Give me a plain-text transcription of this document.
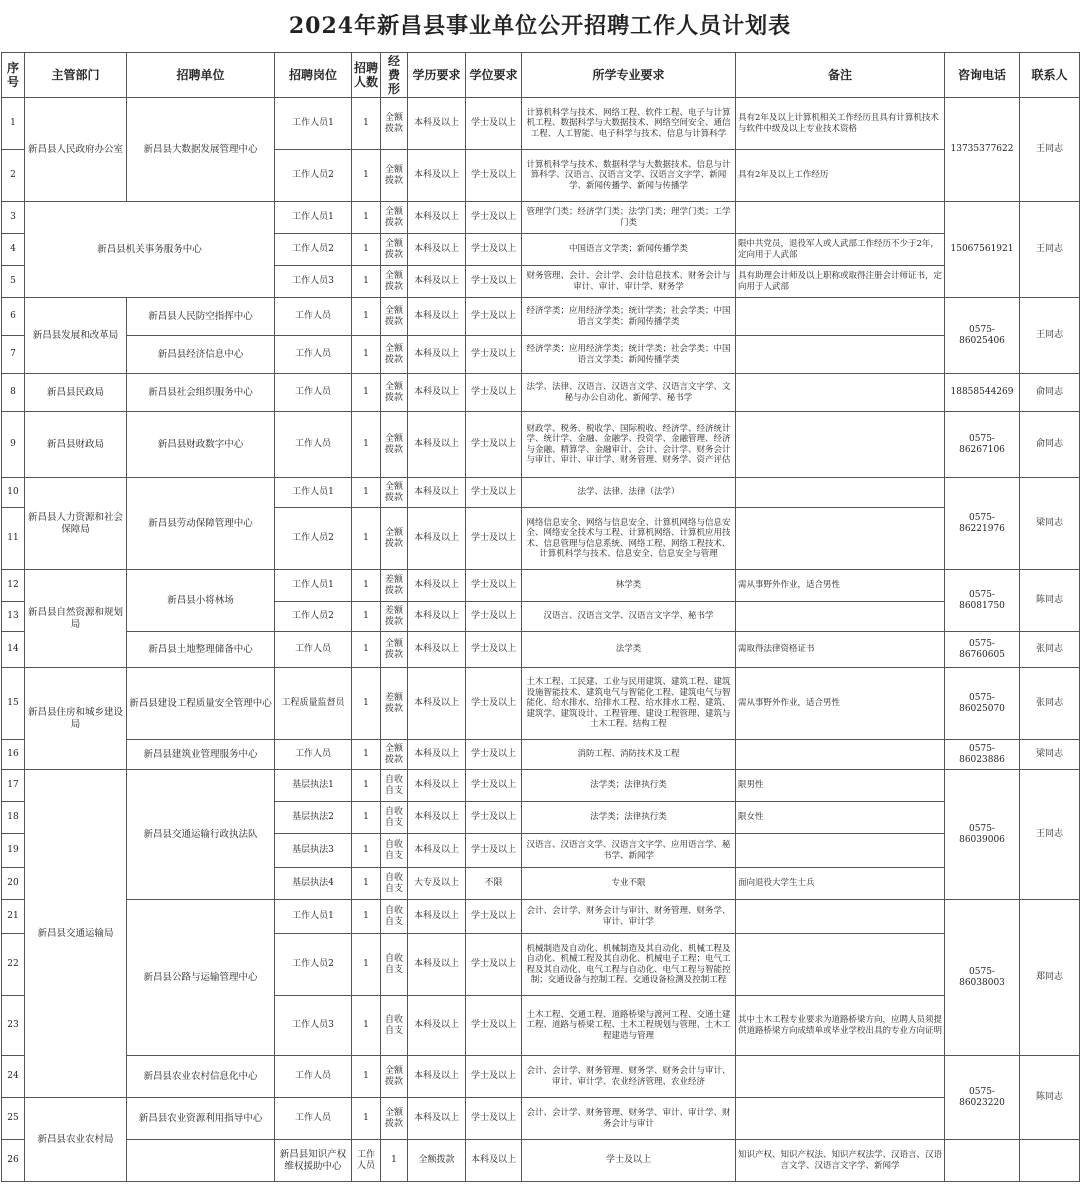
2024年新昌县事业单位公开招聘工作人员计划表
序号	主管部门	招聘单位	招聘岗位	招聘人数	经费形	学历要求	学位要求	所学专业要求	备注	咨询电话	联系人	
1	新昌县人民政府办公室	新昌县大数据发展管理中心	工作人员1	1	全额拨款	本科及以上	学士及以上	计算机科学与技术、网络工程、软件工程、电子与计算机工程、数据科学与大数据技术、网络空间安全、通信工程、人工智能、电子科学与技术、信息与计算科学	具有2年及以上计算机相关工作经历且具有计算机技术与软件中级及以上专业技术资格	13735377622	王同志	
2			工作人员2	1	全额拨款	本科及以上	学士及以上	计算机科学与技术、数据科学与大数据技术、信息与计算科学、汉语言、汉语言文学、汉语言文字学、新闻学、新闻传播学、新闻与传播学	具有2年及以上工作经历			
3	新昌县机关事务服务中心		工作人员1	1	全额拨款	本科及以上	学士及以上	管理学门类；经济学门类；法学门类；理学门类；工学门类		15067561921	王同志	
4			工作人员2	1	全额拨款	本科及以上	学士及以上	中国语言文学类；新闻传播学类	限中共党员，退役军人或人武部工作经历不少于2年，定向用于人武部			
5			工作人员3	1	全额拨款	本科及以上	学士及以上	财务管理、会计、会计学、会计信息技术、财务会计与审计、审计、审计学、财务学	具有助理会计师及以上职称或取得注册会计师证书，定向用于人武部			
6	新昌县发展和改革局	新昌县人民防空指挥中心	工作人员	1	全额拨款	本科及以上	学士及以上	经济学类；应用经济学类；统计学类；社会学类；中国语言文学类；新闻传播学类		0575-86025406	王同志	
7		新昌县经济信息中心	工作人员	1	全额拨款	本科及以上	学士及以上	经济学类；应用经济学类；统计学类；社会学类；中国语言文学类；新闻传播学类				
8	新昌县民政局	新昌县社会组织服务中心	工作人员	1	全额拨款	本科及以上	学士及以上	法学、法律、汉语言、汉语言文学、汉语言文字学、文秘与办公自动化、新闻学、秘书学		18858544269	俞同志	
9	新昌县财政局	新昌县财政数字中心	工作人员	1	全额拨款	本科及以上	学士及以上	财政学、税务、税收学、国际税收、经济学、经济统计学、统计学、金融、金融学、投资学、金融管理、经济与金融、精算学、金融审计、会计、会计学、财务会计与审计、审计、审计学、财务管理、财务学、资产评估		0575-86267106	俞同志	
10	新昌县人力资源和社会保障局	新昌县劳动保障管理中心	工作人员1	1	全额拨款	本科及以上	学士及以上	法学、法律、法律（法学）		0575-86221976	梁同志	
11			工作人员2	1	全额拨款	本科及以上	学士及以上	网络信息安全、网络与信息安全、计算机网络与信息安全、网络安全技术与工程、计算机网络、计算机应用技术、信息管理与信息系统、网络工程、网络工程技术、计算机科学与技术、信息安全、信息安全与管理				
12	新昌县自然资源和规划局	新昌县小将林场	工作人员1	1	差额拨款	本科及以上	学士及以上	林学类	需从事野外作业，适合男性	0575-86081750	陈同志	
13			工作人员2	1	差额拨款	本科及以上	学士及以上	汉语言、汉语言文学、汉语言文字学、秘书学				
14		新昌县土地整理储备中心	工作人员	1	全额拨款	本科及以上	学士及以上	法学类	需取得法律资格证书	0575-86760605	张同志	
15	新昌县住房和城乡建设局	新昌县建设工程质量安全管理中心	工程质量监督员	1	差额拨款	本科及以上	学士及以上	土木工程、工民建、工业与民用建筑、建筑工程、建筑设施智能技术、建筑电气与智能化工程、建筑电气与智能化、给水排水、给排水工程、给水排水工程、建筑、建筑学、建筑设计、工程管理、建设工程管理、建筑与土木工程、结构工程	需从事野外作业，适合男性	0575-86025070	张同志	
16		新昌县建筑业管理服务中心	工作人员	1	全额拨款	本科及以上	学士及以上	消防工程、消防技术及工程		0575-86023886	梁同志	
17	新昌县交通运输局	新昌县交通运输行政执法队	基层执法1	1	自收自支	本科及以上	学士及以上	法学类；法律执行类	限男性	0575-86039006	王同志	
18			基层执法2	1	自收自支	本科及以上	学士及以上	法学类；法律执行类	限女性			
19			基层执法3	1	自收自支	本科及以上	学士及以上	汉语言、汉语言文学、汉语言文字学、应用语言学、秘书学、新闻学				
20			基层执法4	1	自收自支	大专及以上	不限	专业不限	面向退役大学生士兵			
21		新昌县公路与运输管理中心	工作人员1	1	自收自支	本科及以上	学士及以上	会计、会计学、财务会计与审计、财务管理、财务学、审计、审计学		0575-86038003	郑同志	
22			工作人员2	1	自收自支	本科及以上	学士及以上	机械制造及自动化、机械制造及其自动化、机械工程及自动化、机械工程及其自动化、机械电子工程；电气工程及其自动化、电气工程与自动化、电气工程与智能控制；交通设备与控制工程、交通设备检测及控制工程				
23			工作人员3	1	自收自支	本科及以上	学士及以上	土木工程、交通工程、道路桥梁与渡河工程、交通土建工程、道路与桥梁工程、土木工程规划与管理、土木工程建造与管理	其中土木工程专业要求为道路桥梁方向，应聘人员须提供道路桥梁方向成绩单或毕业学校出具的专业方向证明			
24		新昌县农业农村信息化中心	工作人员	1	全额拨款	本科及以上	学士及以上	会计、会计学、财务管理、财务学、财务会计与审计、审计、审计学、农业经济管理、农业经济		0575-86023220	陈同志	
25	新昌县农业农村局	新昌县农业资源利用指导中心	工作人员	1	全额拨款	本科及以上	学士及以上	会计、会计学、财务管理、财务学、审计、审计学、财务会计与审计				
26			新昌县知识产权维权援助中心	工作人员	1	全额拨款	本科及以上	学士及以上	知识产权、知识产权法、知识产权法学、汉语言、汉语言文学、汉语言文字学、新闻学			
